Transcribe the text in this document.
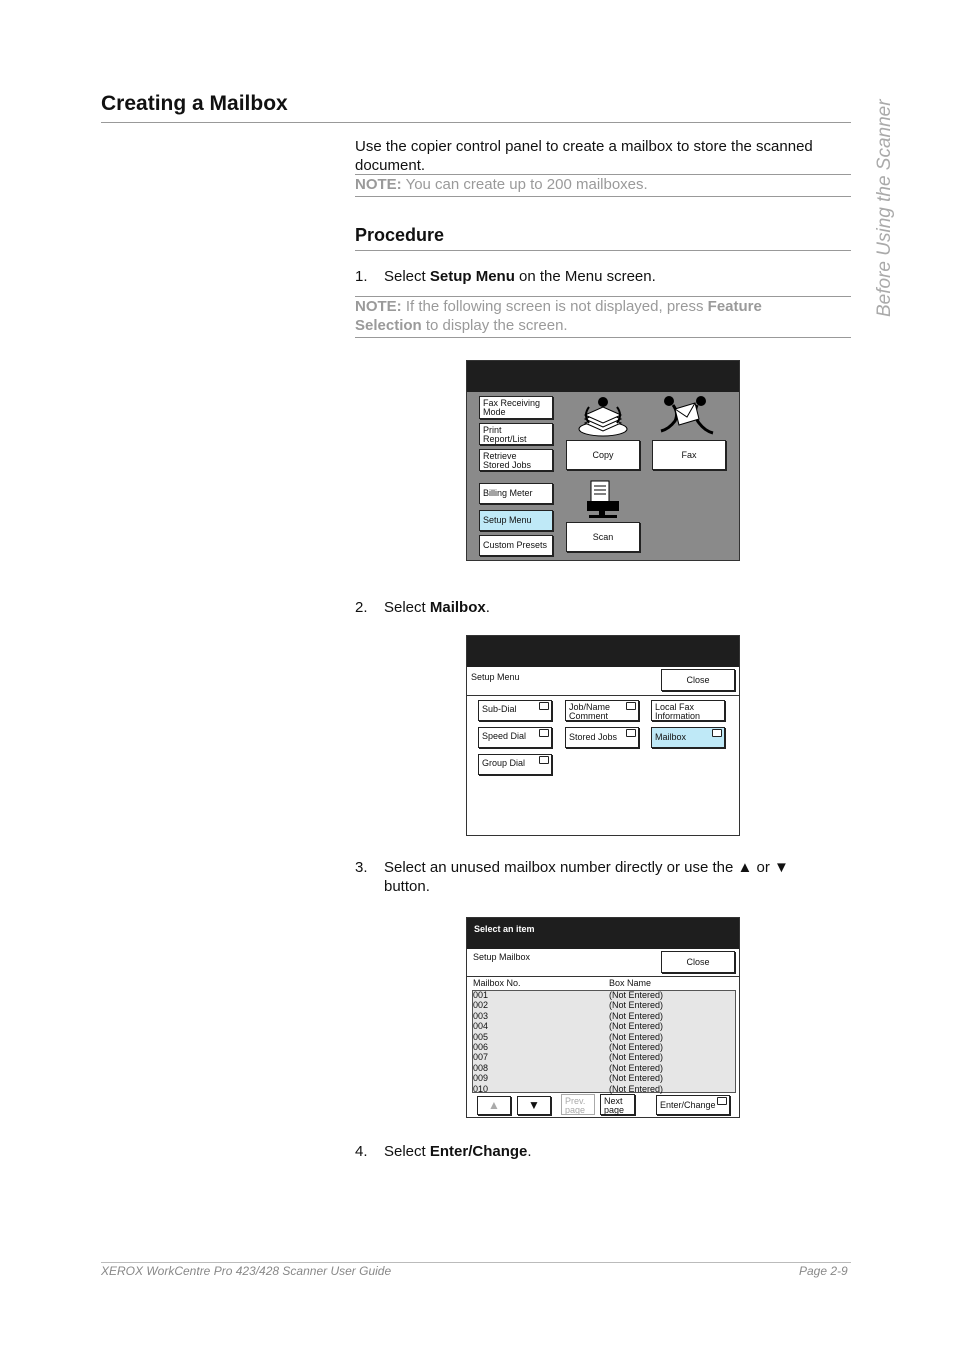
Creating a Mailbox	Before Using the Scanner
Use the copier control panel to create a mailbox to store the scanned document.
NOTE: You can create up to 200 mailboxes.
Procedure
1. Select Setup Menu on the Menu screen.
NOTE: If the following screen is not displayed, press Feature Selection to display the screen.
Fax Receiving
Mode
Print
Report/List
Retrieve
Stored Jobs
Billing Meter
Setup Menu
Custom Presets
Copy	Fax
Scan
2. Select Mailbox.
Setup Menu	Close
Sub-Dial	Job/Name
Comment
Local Fax
Information
Speed Dial	Stored Jobs	Mailbox
Group Dial
3. Select an unused mailbox number directly or use the ▲ or ▼
button.
Select an item
Setup Mailbox	Close
Mailbox No.	Box Name
▲	▼	Prev.
page
Next
page	Enter/Change
001	(Not Entered)
002	(Not Entered)
003	(Not Entered)
004	(Not Entered)
005	(Not Entered)
006	(Not Entered)
007	(Not Entered)
008	(Not Entered)
009	(Not Entered)
010	(Not Entered)
4. Select Enter/Change.
XEROX WorkCentre Pro 423/428 Scanner User Guide	Page 2-9
